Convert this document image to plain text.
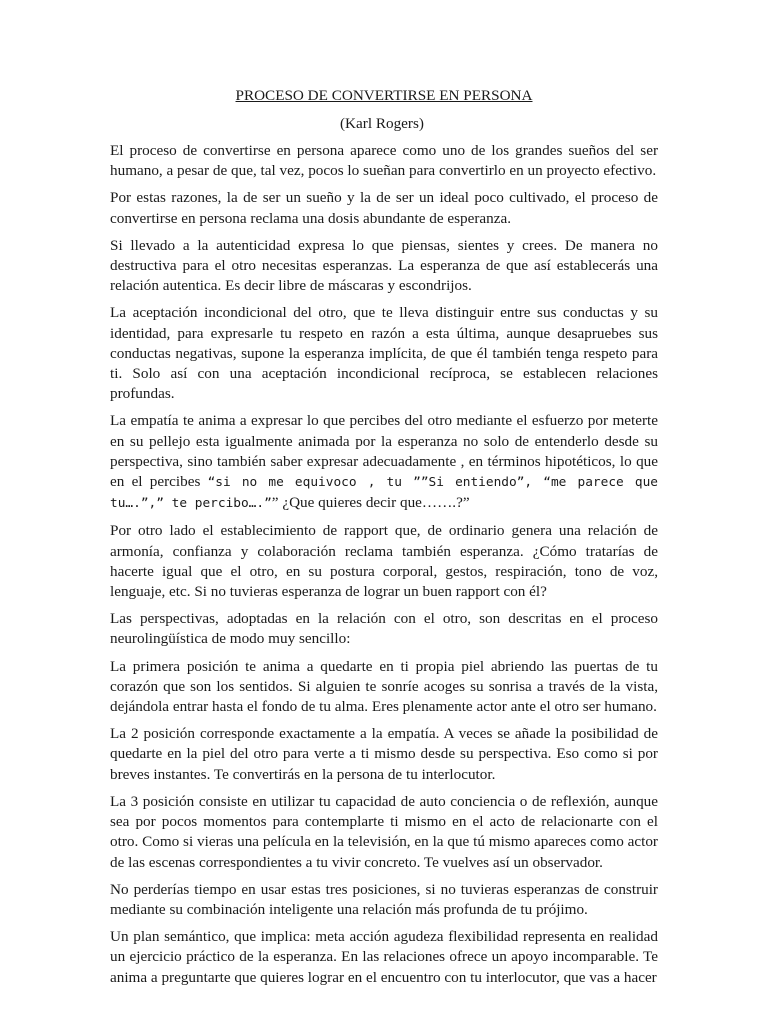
PROCESO DE CONVERTIRSE EN PERSONA

(Karl Rogers)

El proceso de convertirse en persona aparece como uno de los grandes sueños del ser humano, a pesar de que, tal vez, pocos lo sueñan para convertirlo en un proyecto efectivo.

Por estas razones, la de ser un sueño y la de ser un ideal poco cultivado, el proceso de convertirse en persona reclama una dosis abundante de esperanza.

Si llevado a la autenticidad expresa lo que piensas, sientes y crees. De manera no destructiva para el otro necesitas esperanzas. La esperanza de que así establecerás una relación autentica. Es decir libre de máscaras y escondrijos.

La aceptación incondicional del otro, que te lleva distinguir entre sus conductas y su identidad, para expresarle tu respeto en razón a esta última, aunque desapruebes sus conductas negativas, supone la esperanza implícita, de que él también tenga respeto para ti. Solo así con una aceptación incondicional recíproca, se establecen relaciones profundas.

La empatía te anima a expresar lo que percibes del otro mediante el esfuerzo por meterte en su pellejo esta igualmente animada por la esperanza no solo de entenderlo desde su perspectiva, sino también saber expresar adecuadamente , en términos hipotéticos, lo que en el percibes “si no me equivoco , tu ””Si entiendo”, “me parece que tu….”,” te percibo….”” ¿Que quieres decir que…….?”

Por otro lado el establecimiento de rapport que, de ordinario genera una relación de armonía, confianza y colaboración reclama también esperanza. ¿Cómo tratarías de hacerte igual que el otro, en su postura corporal, gestos, respiración, tono de voz, lenguaje, etc. Si no tuvieras esperanza de lograr un buen rapport con él?

Las perspectivas, adoptadas en la relación con el otro, son descritas en el proceso neurolingüística de modo muy sencillo:

La primera posición te anima a quedarte en ti propia piel abriendo las puertas de tu corazón que son los sentidos. Si alguien te sonríe acoges su sonrisa a través de la vista, dejándola entrar hasta el fondo de tu alma. Eres plenamente actor ante el otro ser humano.

La 2 posición corresponde exactamente a la empatía. A veces se añade la posibilidad de quedarte en la piel del otro para verte a ti mismo desde su perspectiva. Eso como si por breves instantes. Te convertirás en la persona de tu interlocutor.

La 3 posición consiste en utilizar tu capacidad de auto conciencia o de reflexión, aunque sea por pocos momentos para contemplarte ti mismo en el acto de relacionarte con el otro. Como si vieras una película en la televisión, en la que tú mismo apareces como actor de las escenas correspondientes a tu vivir concreto. Te vuelves así un observador.

No perderías tiempo en usar estas tres posiciones, si no tuvieras esperanzas de construir mediante su combinación inteligente una relación más profunda de tu prójimo.

Un plan semántico, que implica: meta acción agudeza flexibilidad representa en realidad un ejercicio práctico de la esperanza. En las relaciones ofrece un apoyo incomparable. Te anima a preguntarte que quieres lograr en el encuentro con tu interlocutor, que vas a hacer
